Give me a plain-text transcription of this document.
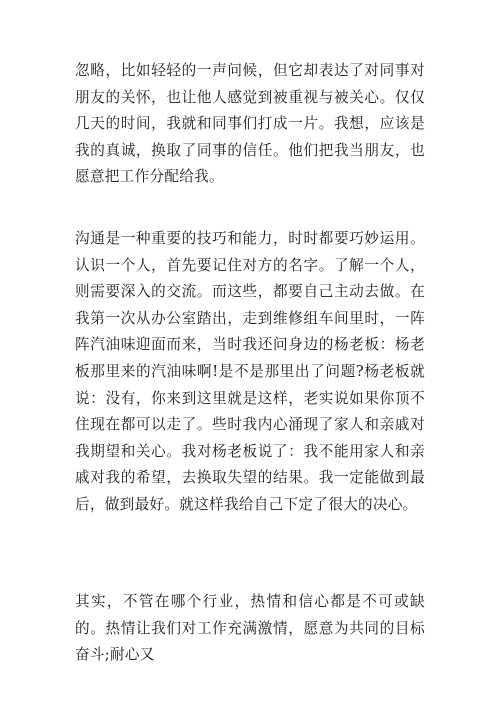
忽略，比如轻轻的一声问候，但它却表达了对同事对朋友的关怀，也让他人感觉到被重视与被关心。仅仅几天的时间，我就和同事们打成一片。我想，应该是我的真诚，换取了同事的信任。他们把我当朋友，也愿意把工作分配给我。

沟通是一种重要的技巧和能力，时时都要巧妙运用。认识一个人，首先要记住对方的名字。了解一个人，则需要深入的交流。而这些，都要自己主动去做。在我第一次从办公室踏出，走到维修组车间里时，一阵阵汽油味迎面而来，当时我还问身边的杨老板：杨老板那里来的汽油味啊!是不是那里出了问题?杨老板就说：没有，你来到这里就是这样，老实说如果你顶不住现在都可以走了。些时我内心涌现了家人和亲戚对我期望和关心。我对杨老板说了：我不能用家人和亲戚对我的希望，去换取失望的结果。我一定能做到最后，做到最好。就这样我给自己下定了很大的决心。

其实，不管在哪个行业，热情和信心都是不可或缺的。热情让我们对工作充满激情，愿意为共同的目标奋斗;耐心又
